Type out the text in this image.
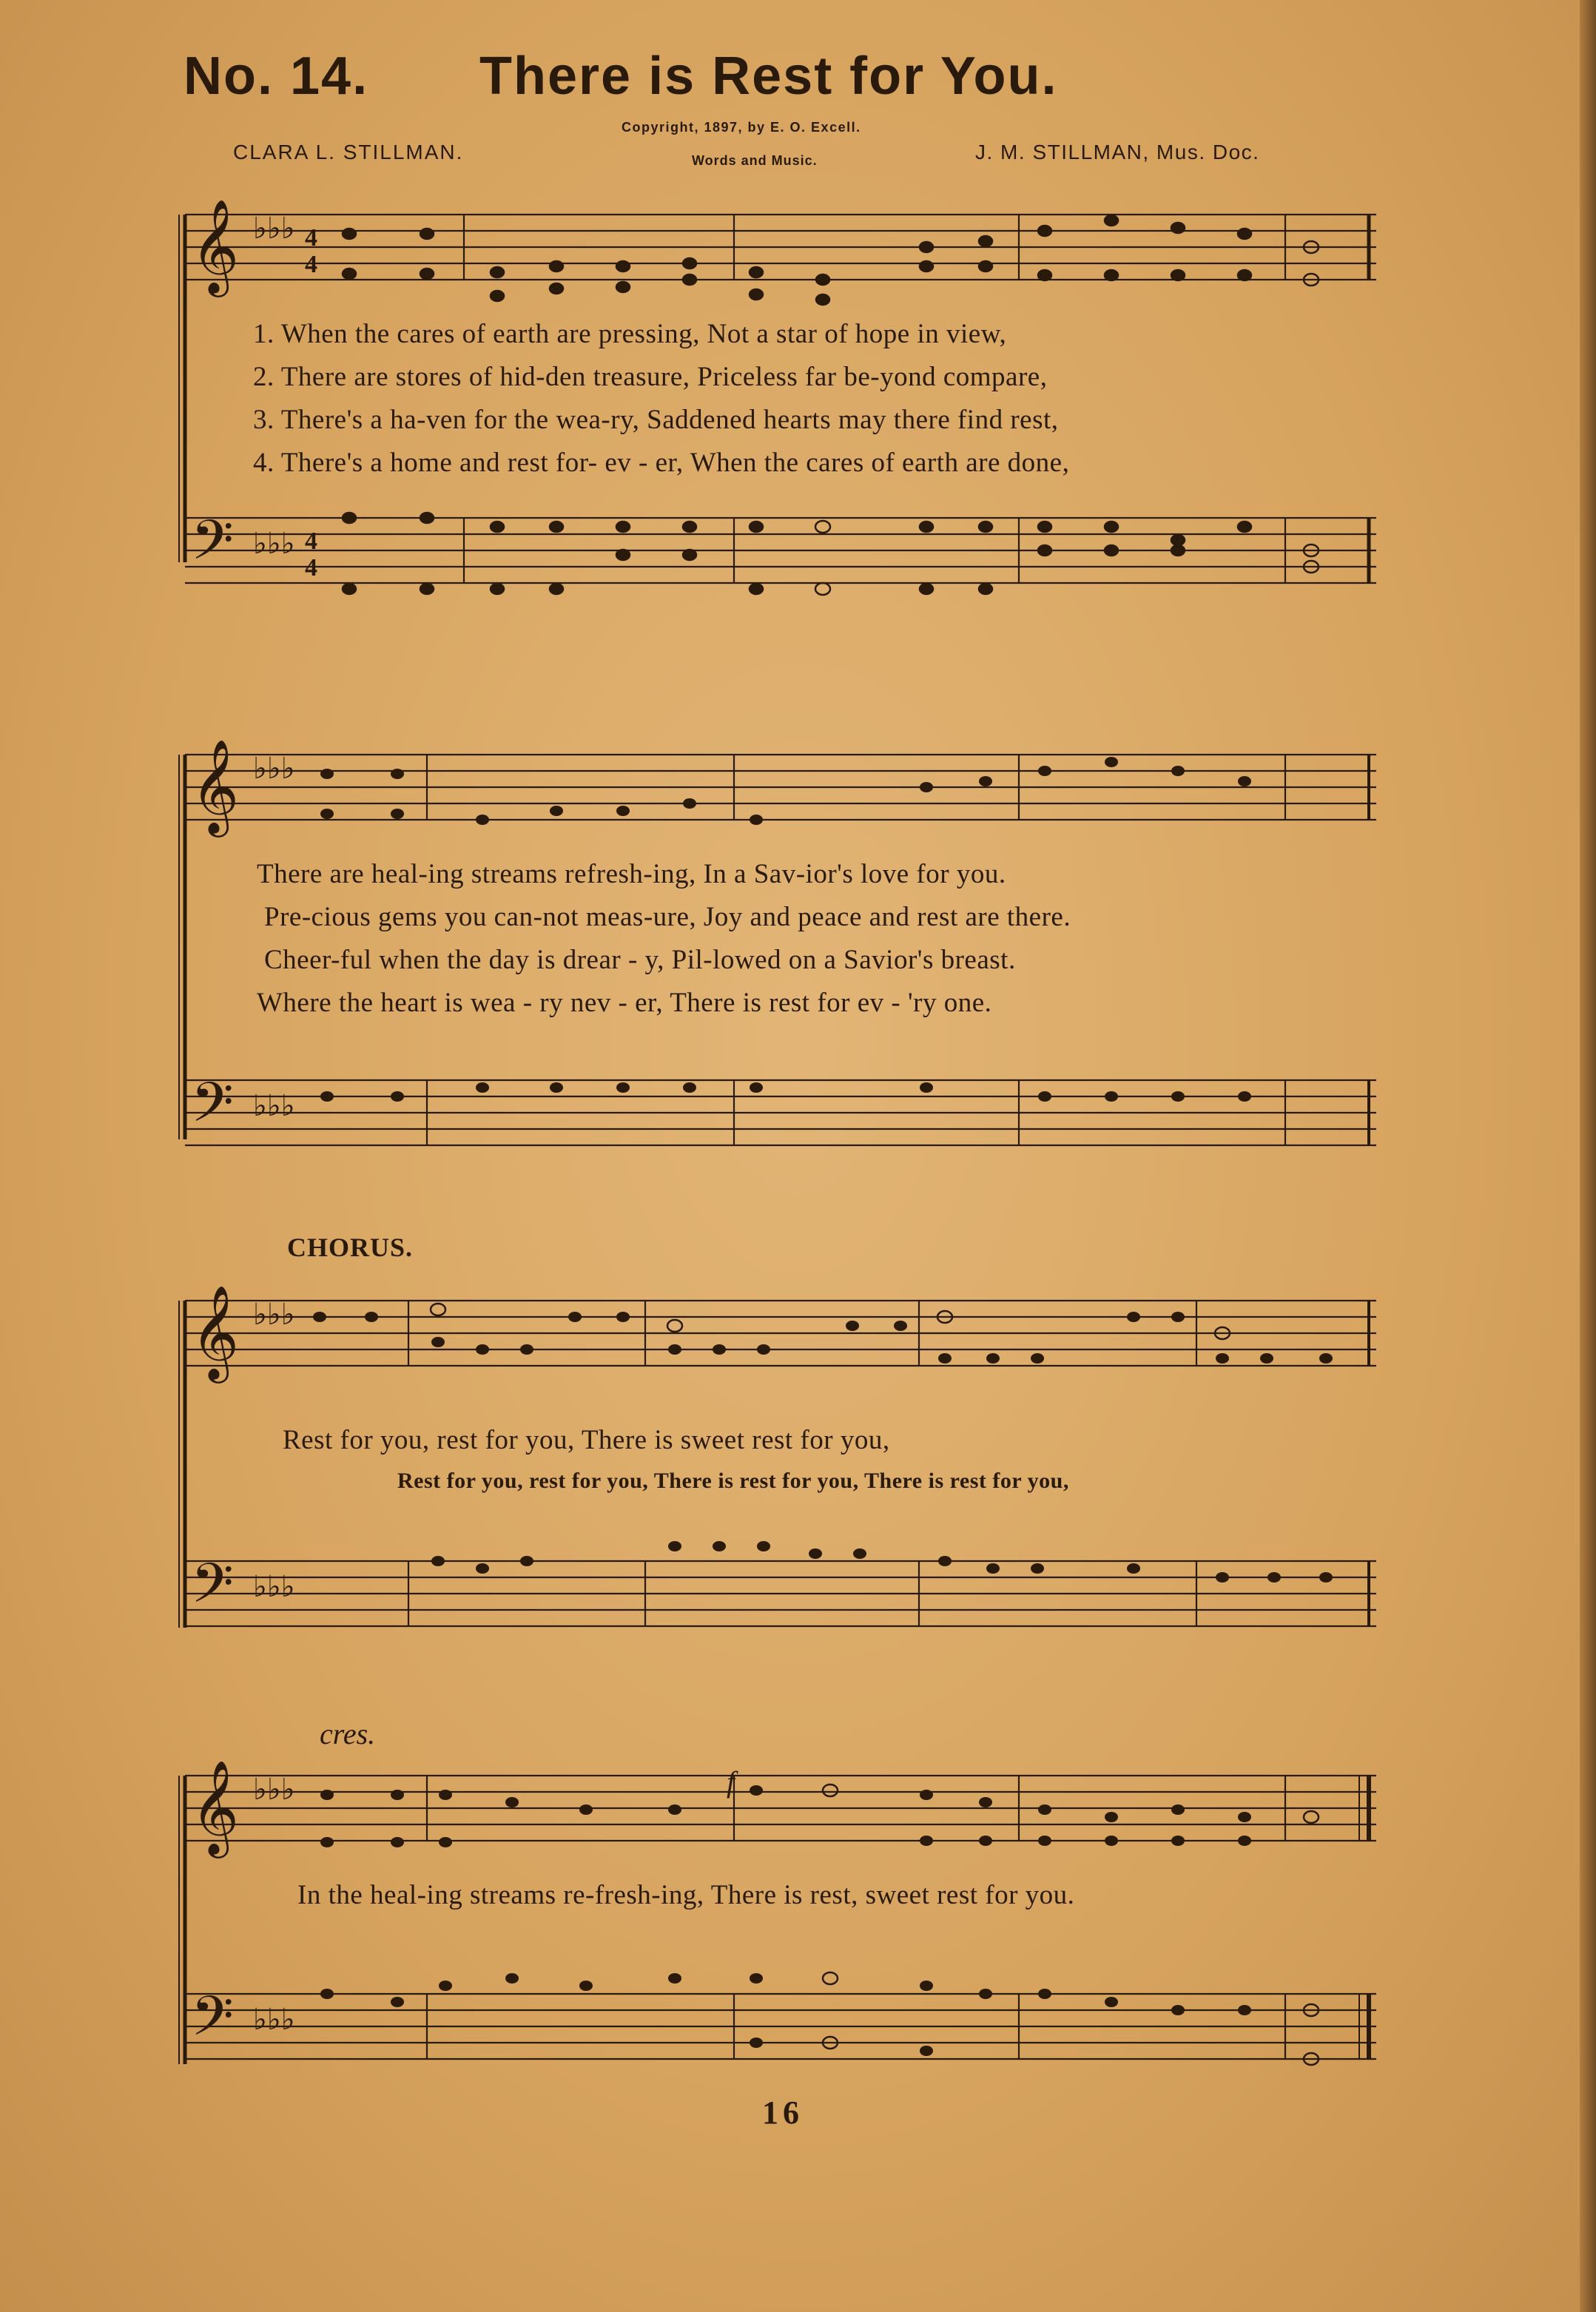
No. 14. There is Rest for You.
Copyright, 1897, by E. O. Excell.
Words and Music.
CLARA L. STILLMAN.	J. M. STILLMAN, Mus. Doc.
𝄞
𝄢
♭♭♭
♭♭♭
4
4
4
4
1. When the cares of earth are pressing, Not a star of hope in view,
2. There are stores of hid-den treasure, Priceless far be-yond compare,
3. There's a ha-ven for the wea-ry, Saddened hearts may there find rest,
4. There's a home and rest for- ev - er, When the cares of earth are done,
𝄞
𝄢
♭♭♭
♭♭♭
There are heal-ing streams refresh-ing, In a Sav-ior's love for you.
Pre-cious gems you can-not meas-ure, Joy and peace and rest are there.
Cheer-ful when the day is drear - y, Pil-lowed on a Savior's breast.
Where the heart is wea - ry nev - er, There is rest for ev - 'ry one.
CHORUS.
𝄞
𝄢
♭♭♭
♭♭♭
Rest for you, rest for you, There is sweet rest for you,
Rest for you, rest for you, There is rest for you, There is rest for you,
cres.
f
𝄞
𝄢
♭♭♭
♭♭♭
In the heal-ing streams re-fresh-ing, There is rest, sweet rest for you.
16
